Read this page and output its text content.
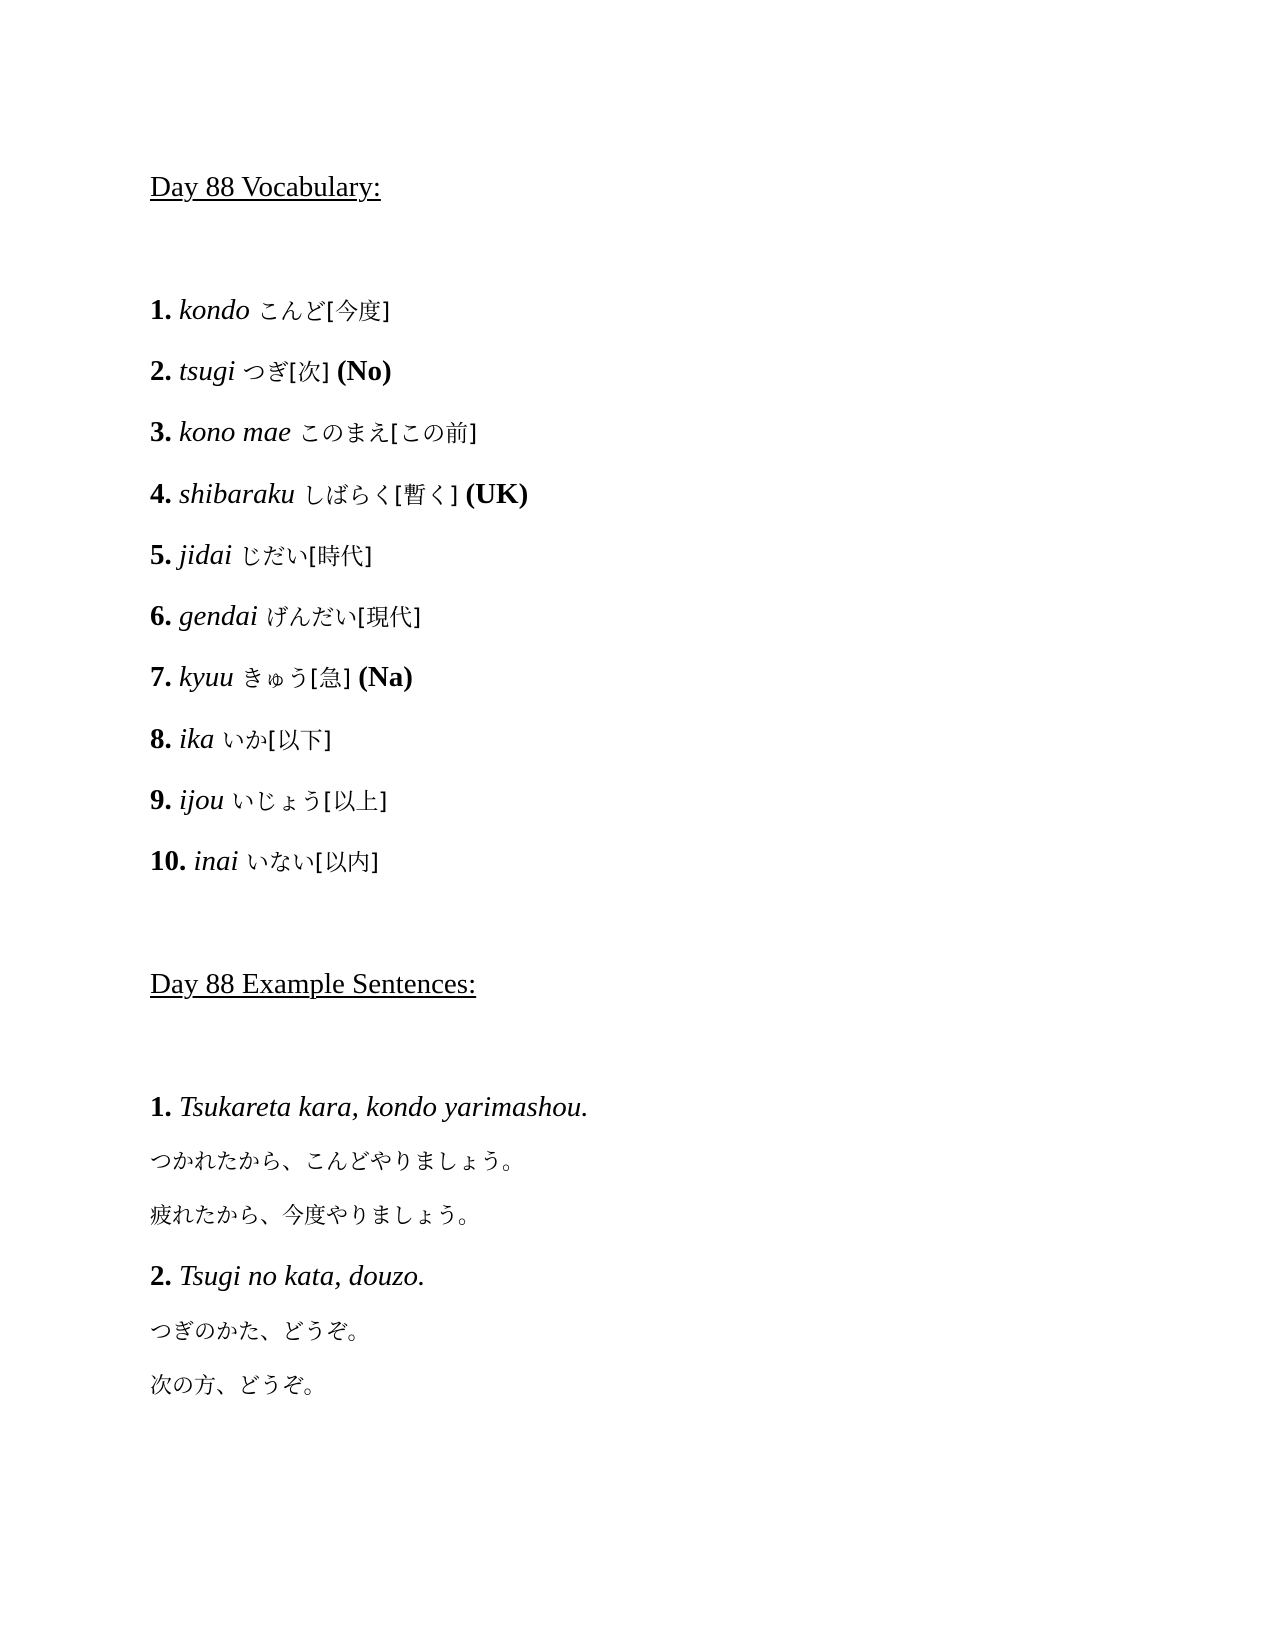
Day 88 Vocabulary:
1. kondo こんど[今度]
2. tsugi つぎ[次] (No)
3. kono mae このまえ[この前]
4. shibaraku しばらく[暫く] (UK)
5. jidai じだい[時代]
6. gendai げんだい[現代]
7. kyuu きゅう[急] (Na)
8. ika いか[以下]
9. ijou いじょう[以上]
10. inai いない[以内]
Day 88 Example Sentences:
1. Tsukareta kara, kondo yarimashou.
つかれたから、こんどやりましょう。
疲れたから、今度やりましょう。
2. Tsugi no kata, douzo.
つぎのかた、どうぞ。
次の方、どうぞ。
